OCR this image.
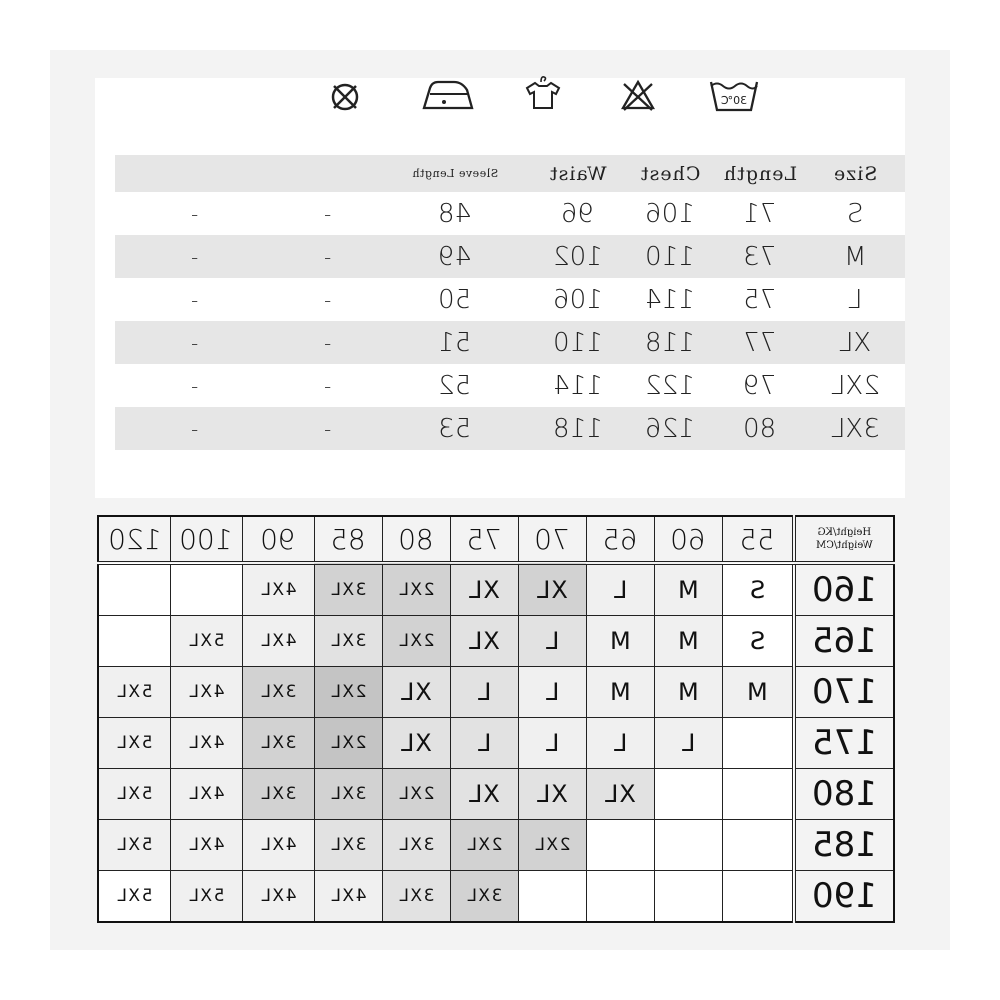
30℃
		Sleeve Length	Waist	Chest	Length	Size
-	-	48	96	106	71	S
-	-	49	102	110	73	M
-	-	50	106	114	75	L
-	-	51	110	118	77	XL
-	-	52	114	122	79	2XL
-	-	53	118	126	80	3XL
120	100	90	85	80	75	70	65	60	55	Height/KG
Weight/CM

		4XL	3XL	2XL	XL	XL	L	M	S	160
	5XL	4XL	3XL	2XL	XL	L	M	M	S	165
5XL	4XL	3XL	2XL	XL	L	L	M	M	M	170
5XL	4XL	3XL	2XL	XL	L	L	L	L		175
5XL	4XL	3XL	3XL	2XL	XL	XL	XL			180
5XL	4XL	4XL	3XL	3XL	2XL	2XL				185
5XL	5XL	4XL	4XL	3XL	3XL					190
